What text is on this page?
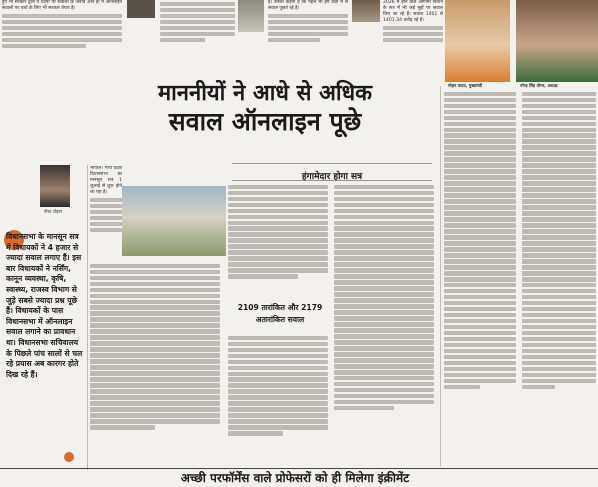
मोहन यादव, मुख्यमंत्री	नरेन्द्र सिंह तोमर, अध्यक्ष
हुए भी सरकार द्वारा ये घटना पर सवालों के जवाब आते ही में ऑनलाइन सवालों पर चर्चा के लिए भी सरकार तैयार है।
है। उनका कहना है कि पहले भी हम प्रश्नों में से सवाल पूछते रहे हैं।
2026 में होने वाले आगामी विधान के सत्र में भी कई मुद्दों पर सवाल किए जा रहे हैं। सवाल 1401 से 1401.34 करोड़ रहे हैं।
माननीयों ने आधे से अधिक
सवाल ऑनलाइन पूछे
गौरव चौहान
विधानसभा के मानसून सत्र में विधायकों ने 4 हजार से ज्यादा सवाल लगाए हैं। इस बार विधायकों ने नर्सिंग, कानून व्यवस्था, कृषि, स्वास्थ्य, राजस्व विभाग से जुड़े सबसे ज्यादा प्रश्न पूछे हैं। विधायकों के पास विधानसभा में ऑनलाइन सवाल लगाने का प्रावधान था। विधानसभा सचिवालय के पिछले पांच सालों से चल रहे प्रयास अब कारगर होते दिख रहे हैं।
भोपाल। मध्य प्रदेश विधानसभा का मानसून सत्र 1 जुलाई से शुरू होने जा रहा है।
हंगामेदार होगा सत्र
2109 तारांकित और 2179
अतारांकित सवाल
अच्छी परफॉर्मेंस वाले प्रोफेसरों को ही मिलेगा इंक्रीमेंट
